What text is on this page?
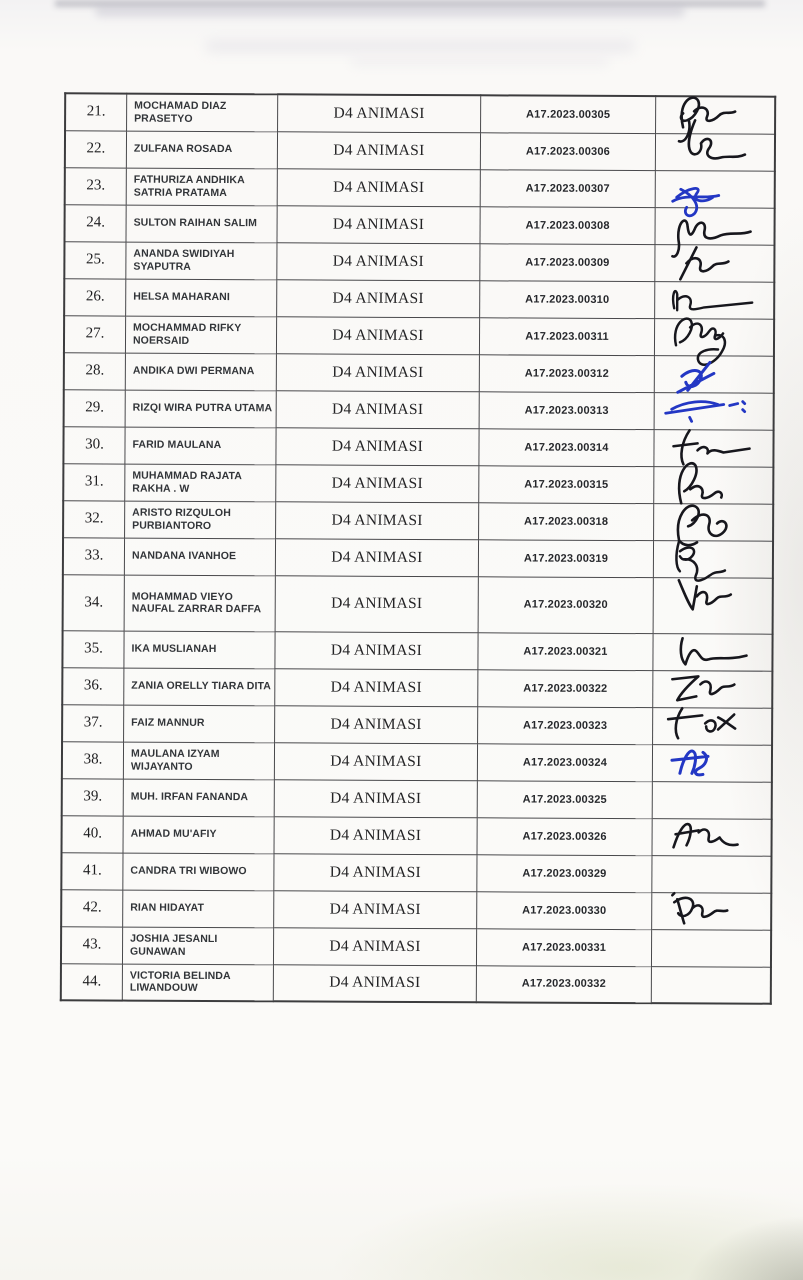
21.	MOCHAMAD DIAZ PRASETYO	D4 ANIMASI	A17.2023.00305	

22.	ZULFANA ROSADA	D4 ANIMASI	A17.2023.00306	

23.	FATHURIZA ANDHIKA SATRIA PRATAMA	D4 ANIMASI	A17.2023.00307	

24.	SULTON RAIHAN SALIM	D4 ANIMASI	A17.2023.00308	

25.	ANANDA SWIDIYAH SYAPUTRA	D4 ANIMASI	A17.2023.00309	

26.	HELSA MAHARANI	D4 ANIMASI	A17.2023.00310	

27.	MOCHAMMAD RIFKY NOERSAID	D4 ANIMASI	A17.2023.00311	

28.	ANDIKA DWI PERMANA	D4 ANIMASI	A17.2023.00312	

29.	RIZQI WIRA PUTRA UTAMA	D4 ANIMASI	A17.2023.00313	

30.	FARID MAULANA	D4 ANIMASI	A17.2023.00314	

31.	MUHAMMAD RAJATA RAKHA . W	D4 ANIMASI	A17.2023.00315	

32.	ARISTO RIZQULOH PURBIANTORO	D4 ANIMASI	A17.2023.00318	

33.	NANDANA IVANHOE	D4 ANIMASI	A17.2023.00319	

34.	MOHAMMAD VIEYO NAUFAL ZARRAR DAFFA	D4 ANIMASI	A17.2023.00320	

35.	IKA MUSLIANAH	D4 ANIMASI	A17.2023.00321	

36.	ZANIA ORELLY TIARA DITA	D4 ANIMASI	A17.2023.00322	

37.	FAIZ MANNUR	D4 ANIMASI	A17.2023.00323	

38.	MAULANA IZYAM WIJAYANTO	D4 ANIMASI	A17.2023.00324	

39.	MUH. IRFAN FANANDA	D4 ANIMASI	A17.2023.00325	
40.	AHMAD MU'AFIY	D4 ANIMASI	A17.2023.00326	

41.	CANDRA TRI WIBOWO	D4 ANIMASI	A17.2023.00329	
42.	RIAN HIDAYAT	D4 ANIMASI	A17.2023.00330	

43.	JOSHIA JESANLI GUNAWAN	D4 ANIMASI	A17.2023.00331	
44.	VICTORIA BELINDA LIWANDOUW	D4 ANIMASI	A17.2023.00332	
